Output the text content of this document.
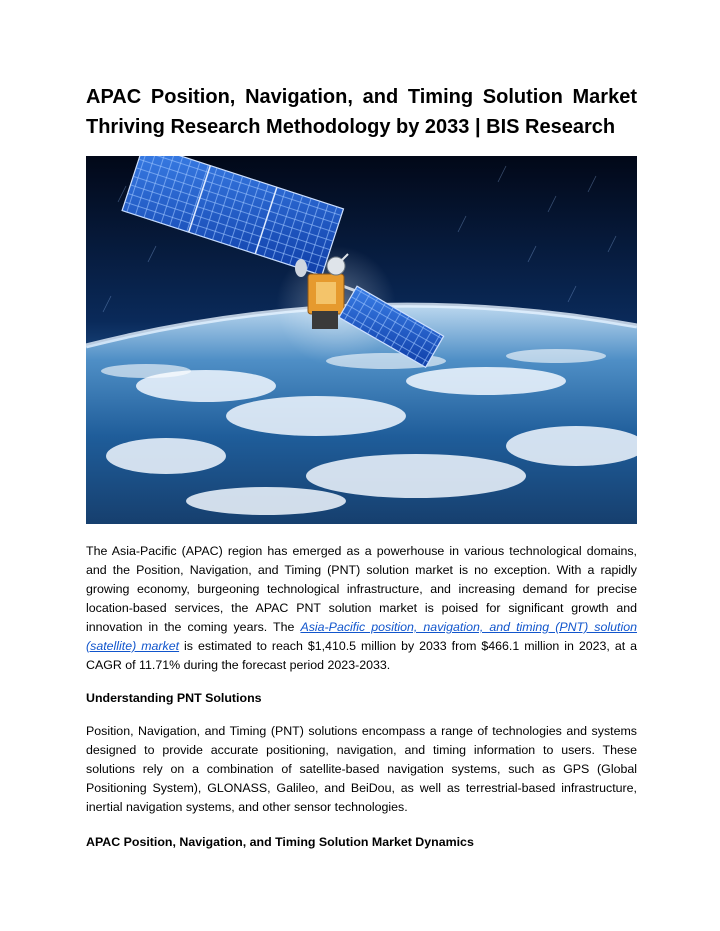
APAC Position, Navigation, and Timing Solution Market Thriving Research Methodology by 2033 | BIS Research

The Asia-Pacific (APAC) region has emerged as a powerhouse in various technological domains, and the Position, Navigation, and Timing (PNT) solution market is no exception. With a rapidly growing economy, burgeoning technological infrastructure, and increasing demand for precise location-based services, the APAC PNT solution market is poised for significant growth and innovation in the coming years. The Asia-Pacific position, navigation, and timing (PNT) solution (satellite) market is estimated to reach $1,410.5 million by 2033 from $466.1 million in 2023, at a CAGR of 11.71% during the forecast period 2023-2033.

Understanding PNT Solutions

Position, Navigation, and Timing (PNT) solutions encompass a range of technologies and systems designed to provide accurate positioning, navigation, and timing information to users. These solutions rely on a combination of satellite-based navigation systems, such as GPS (Global Positioning System), GLONASS, Galileo, and BeiDou, as well as terrestrial-based infrastructure, inertial navigation systems, and other sensor technologies.

APAC Position, Navigation, and Timing Solution Market Dynamics
